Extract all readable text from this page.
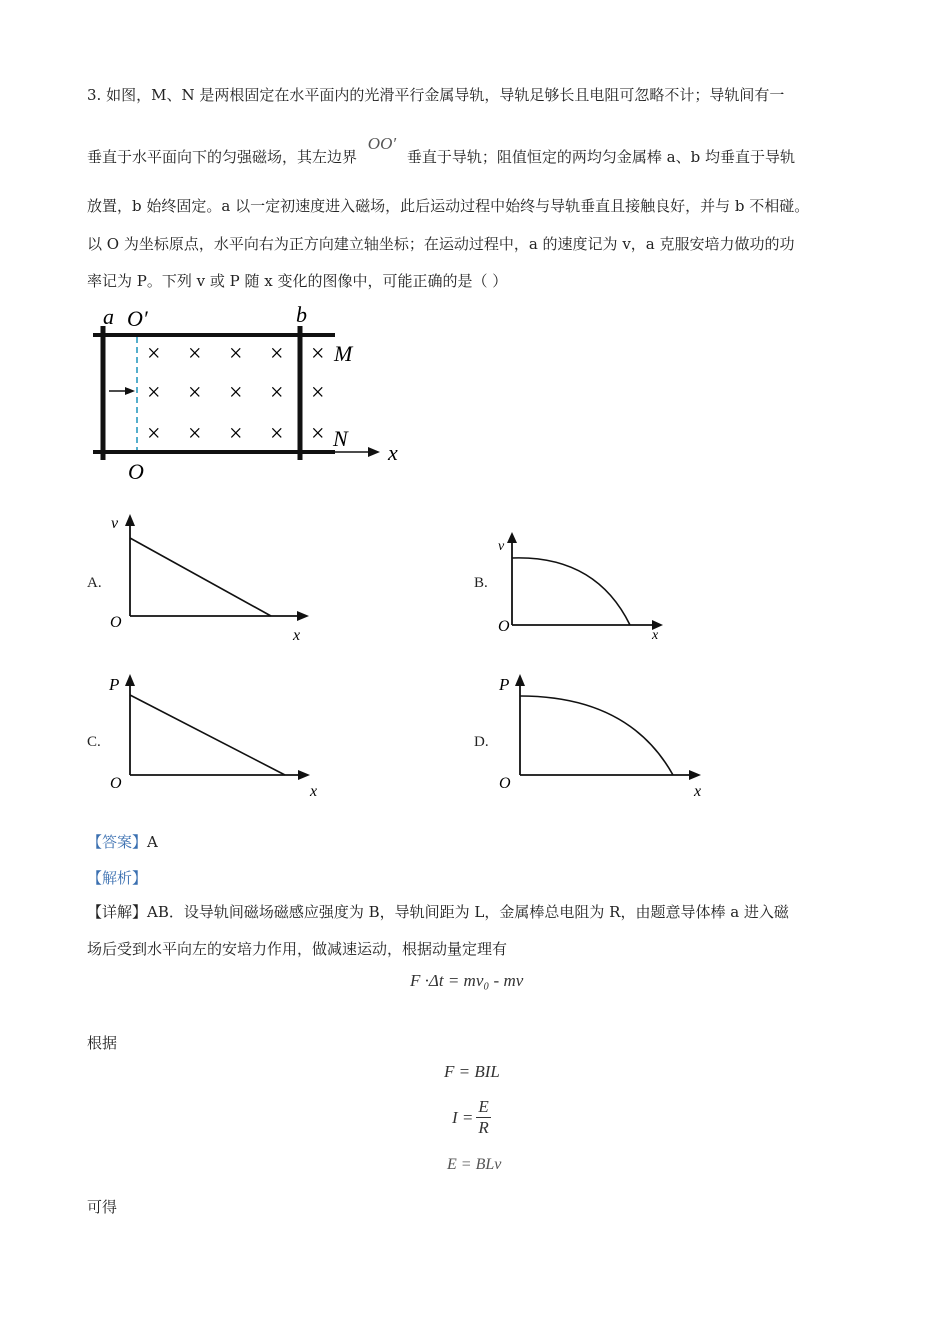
3. 如图，M、N 是两根固定在水平面内的光滑平行金属导轨，导轨足够长且电阻可忽略不计；导轨间有一
垂直于水平面向下的匀强磁场，其左边界 OO′ 垂直于导轨；阻值恒定的两均匀金属棒 a、b 均垂直于导轨
放置，b 始终固定。a 以一定初速度进入磁场，此后运动过程中始终与导轨垂直且接触良好，并与 b 不相碰。
以 O 为坐标原点，水平向右为正方向建立轴坐标；在运动过程中，a 的速度记为 v，a 克服安培力做功的功
率记为 P。下列 v 或 P 随 x 变化的图像中，可能正确的是（ ）
× × × × ×
× × × × ×
× × × × ×
a O′	b
M
N
O
x
A.	B.
C.	D.
v
O
x
v
O
x
P
O	x
P
O	x
【答案】A
【解析】
【详解】AB．设导轨间磁场磁感应强度为 B，导轨间距为 L，金属棒总电阻为 R，由题意导体棒 a 进入磁
场后受到水平向左的安培力作用，做减速运动，根据动量定理有
F ·Δt = mv₀ - mv
根据
F = BIL
$I = \frac{E}{R}$
E = BLv
可得
